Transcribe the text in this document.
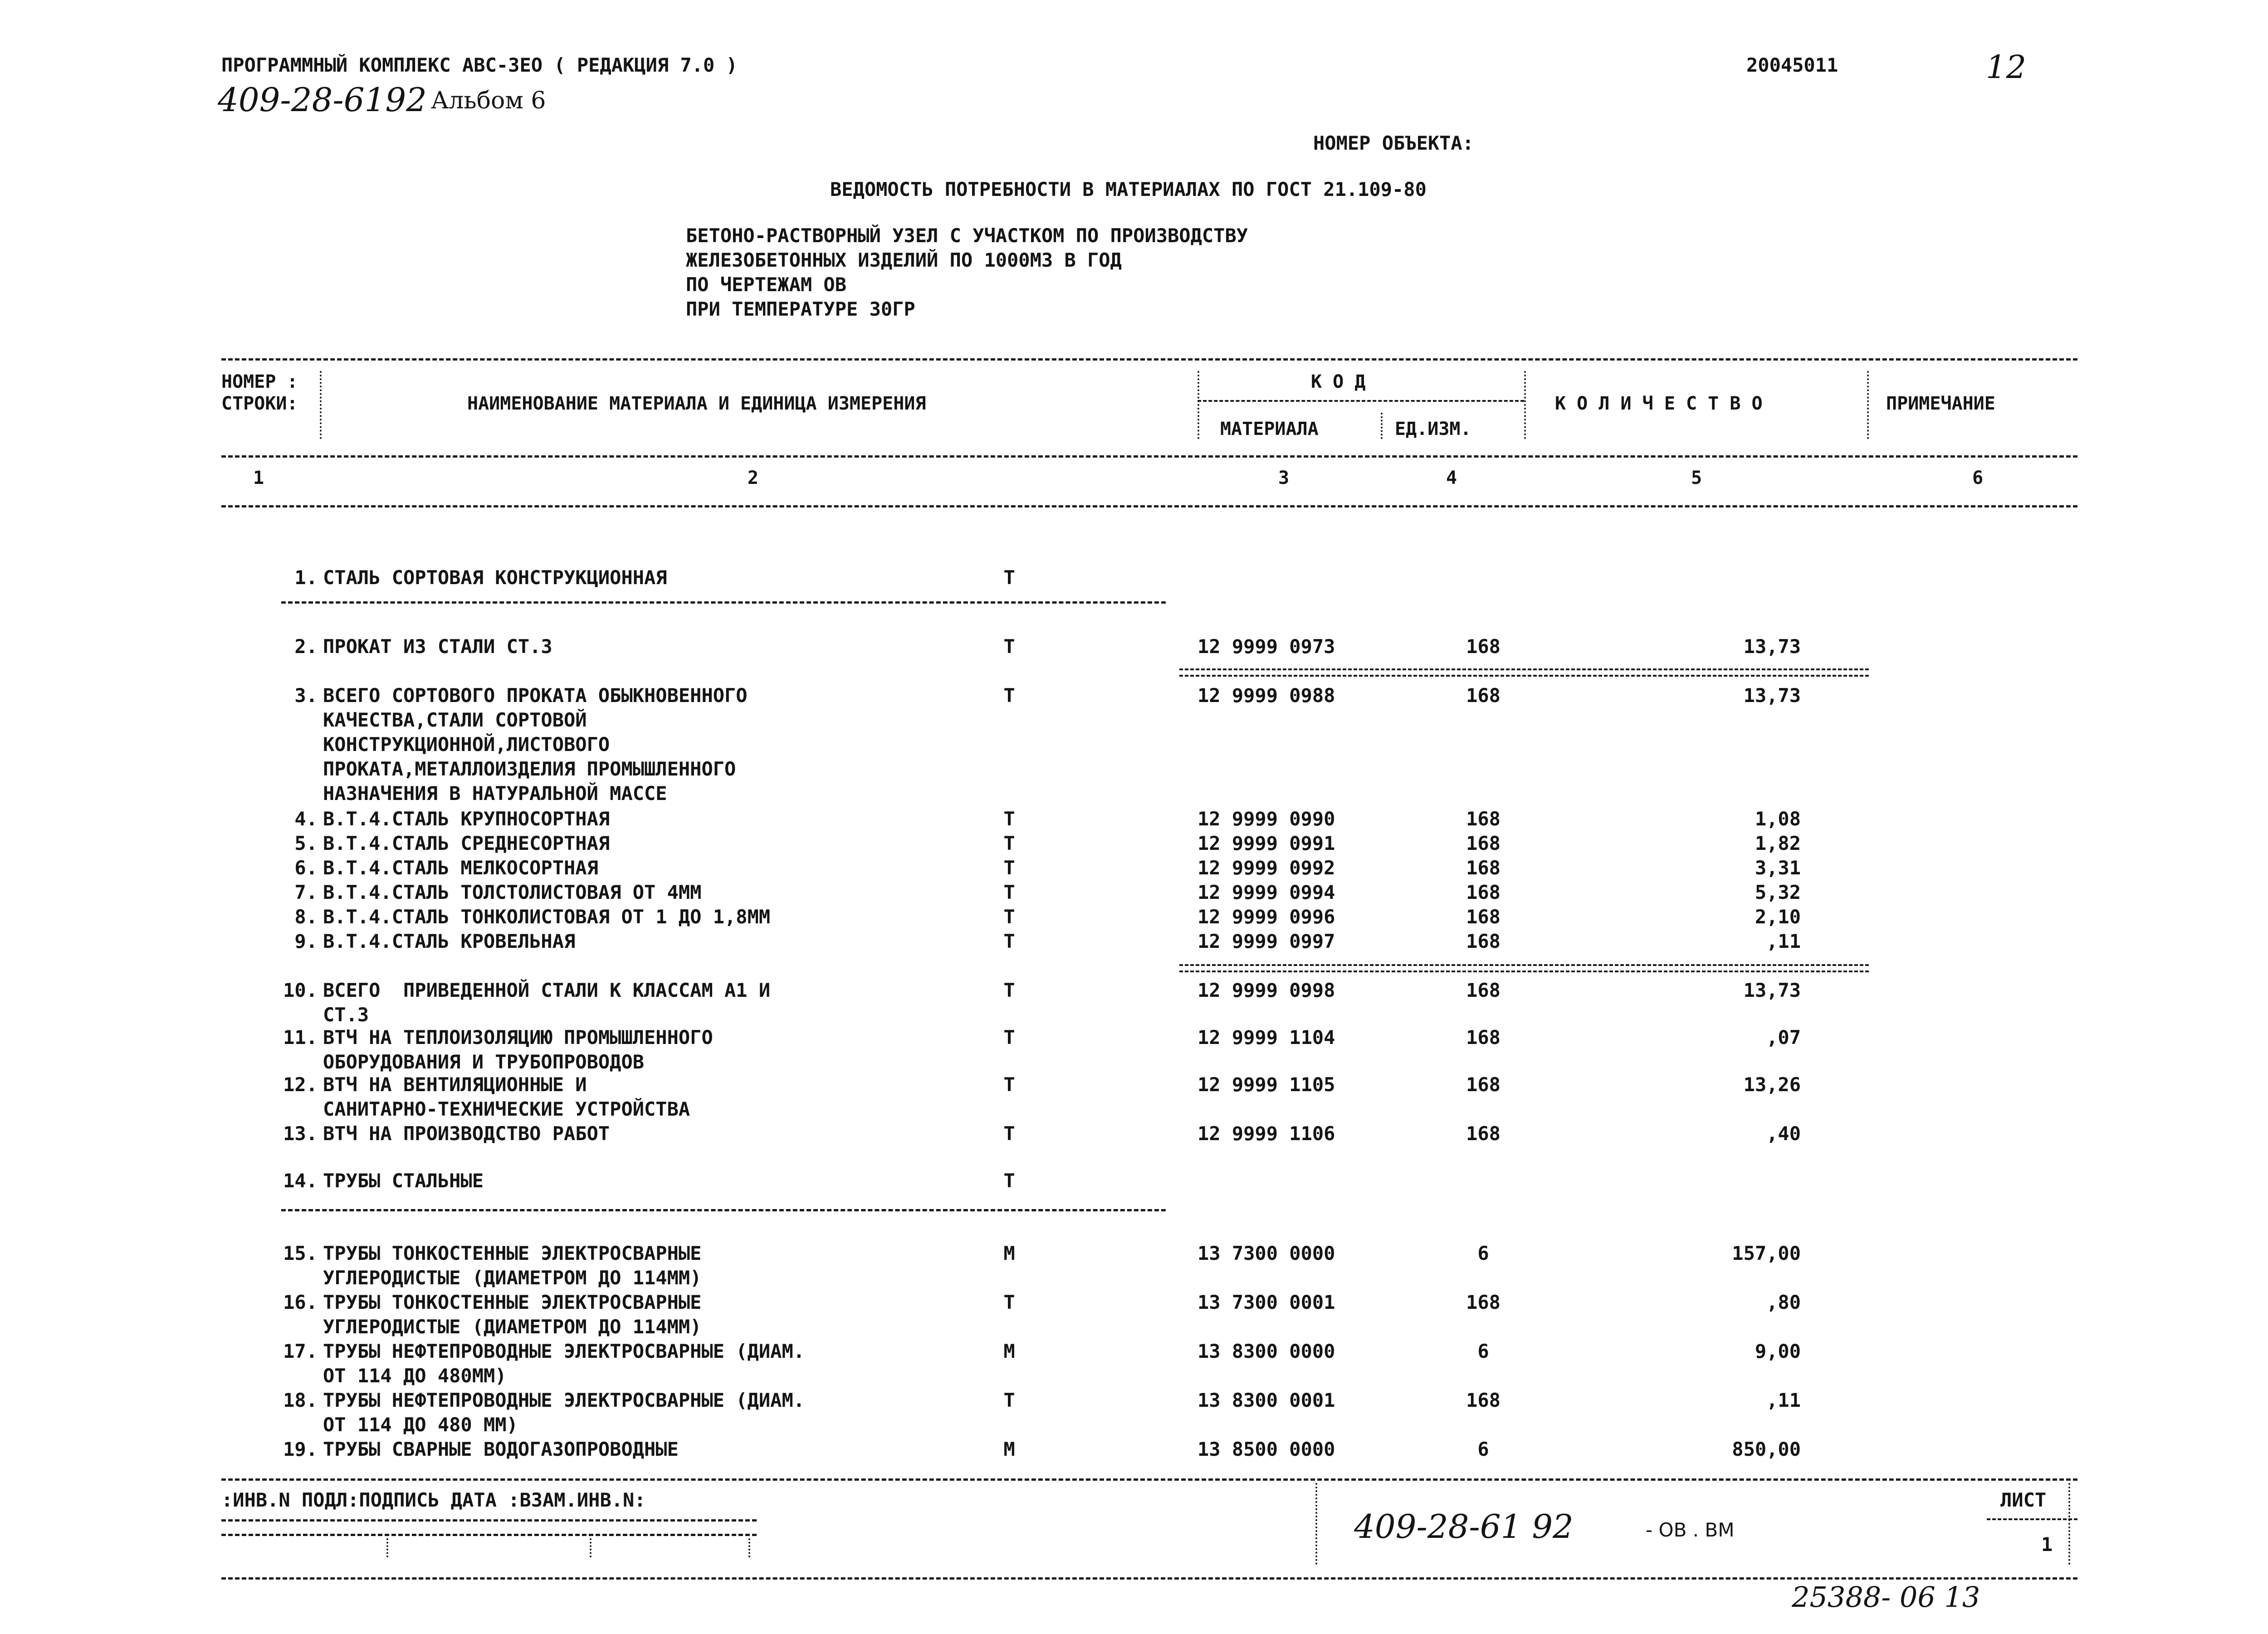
ПРОГРАММНЫЙ КОМПЛЕКС АВС-ЗЕО ( РЕДАКЦИЯ 7.0 )
409-28-6192 Альбом 6
20045011	12
НОМЕР ОБЪЕКТА:
ВЕДОМОСТЬ ПОТРЕБНОСТИ В МАТЕРИАЛАХ ПО ГОСТ 21.109-80
БЕТОНО-РАСТВОРНЫЙ УЗЕЛ С УЧАСТКОМ ПО ПРОИЗВОДСТВУ
ЖЕЛЕЗОБЕТОННЫХ ИЗДЕЛИЙ ПО 1000М3 В ГОД
ПО ЧЕРТЕЖАМ ОВ
ПРИ ТЕМПЕРАТУРЕ 30ГР
НОМЕР :
СТРОКИ:	НАИМЕНОВАНИЕ МАТЕРИАЛА И ЕДИНИЦА ИЗМЕРЕНИЯ
К О Д
МАТЕРИАЛА	ЕД.ИЗМ.
К О Л И Ч Е С Т В О	ПРИМЕЧАНИЕ
1	2	3	4	5	6
1. СТАЛЬ СОРТОВАЯ КОНСТРУКЦИОННАЯ	Т
2. ПРОКАТ ИЗ СТАЛИ СТ.3	Т	12 9999 0973	168	13,73
3. ВСЕГО СОРТОВОГО ПРОКАТА ОБЫКНОВЕННОГО
КАЧЕСТВА,СТАЛИ СОРТОВОЙ
КОНСТРУКЦИОННОЙ,ЛИСТОВОГО
ПРОКАТА,МЕТАЛЛОИЗДЕЛИЯ ПРОМЫШЛЕННОГО
НАЗНАЧЕНИЯ В НАТУРАЛЬНОЙ МАССЕ
Т	12 9999 0988	168	13,73
4. В.Т.4.СТАЛЬ КРУПНОСОРТНАЯ	Т	12 9999 0990	168	1,08
5. В.Т.4.СТАЛЬ СРЕДНЕСОРТНАЯ	Т	12 9999 0991	168	1,82
6. В.Т.4.СТАЛЬ МЕЛКОСОРТНАЯ	Т	12 9999 0992	168	3,31
7. В.Т.4.СТАЛЬ ТОЛСТОЛИСТОВАЯ ОТ 4ММ	Т	12 9999 0994	168	5,32
8. В.Т.4.СТАЛЬ ТОНКОЛИСТОВАЯ ОТ 1 ДО 1,8ММ	Т	12 9999 0996	168	2,10
9. В.Т.4.СТАЛЬ КРОВЕЛЬНАЯ	Т	12 9999 0997	168	,11
10. ВСЕГО  ПРИВЕДЕННОЙ СТАЛИ К КЛАССАМ А1 И
СТ.3
Т	12 9999 0998	168	13,73
11. ВТЧ НА ТЕПЛОИЗОЛЯЦИЮ ПРОМЫШЛЕННОГО
ОБОРУДОВАНИЯ И ТРУБОПРОВОДОВ
Т	12 9999 1104	168	,07
12. ВТЧ НА ВЕНТИЛЯЦИОННЫЕ И
САНИТАРНО-ТЕХНИЧЕСКИЕ УСТРОЙСТВА
Т	12 9999 1105	168	13,26
13. ВТЧ НА ПРОИЗВОДСТВО РАБОТ	Т	12 9999 1106	168	,40
14. ТРУБЫ СТАЛЬНЫЕ	Т
15. ТРУБЫ ТОНКОСТЕННЫЕ ЭЛЕКТРОСВАРНЫЕ
УГЛЕРОДИСТЫЕ (ДИАМЕТРОМ ДО 114ММ)
М	13 7300 0000	6	157,00
16. ТРУБЫ ТОНКОСТЕННЫЕ ЭЛЕКТРОСВАРНЫЕ
УГЛЕРОДИСТЫЕ (ДИАМЕТРОМ ДО 114ММ)
Т	13 7300 0001	168	,80
17. ТРУБЫ НЕФТЕПРОВОДНЫЕ ЭЛЕКТРОСВАРНЫЕ (ДИАМ.
ОТ 114 ДО 480ММ)
М	13 8300 0000	6	9,00
18. ТРУБЫ НЕФТЕПРОВОДНЫЕ ЭЛЕКТРОСВАРНЫЕ (ДИАМ.
ОТ 114 ДО 480 ММ)
Т	13 8300 0001	168	,11
19. ТРУБЫ СВАРНЫЕ ВОДОГАЗОПРОВОДНЫЕ	М	13 8500 0000	6	850,00
:ИНВ.N ПОДЛ:ПОДПИСЬ ДАТА :ВЗАМ.ИНВ.N:
409-28-61 92	- ОВ . ВМ
ЛИСТ
1
25388- 06 13
